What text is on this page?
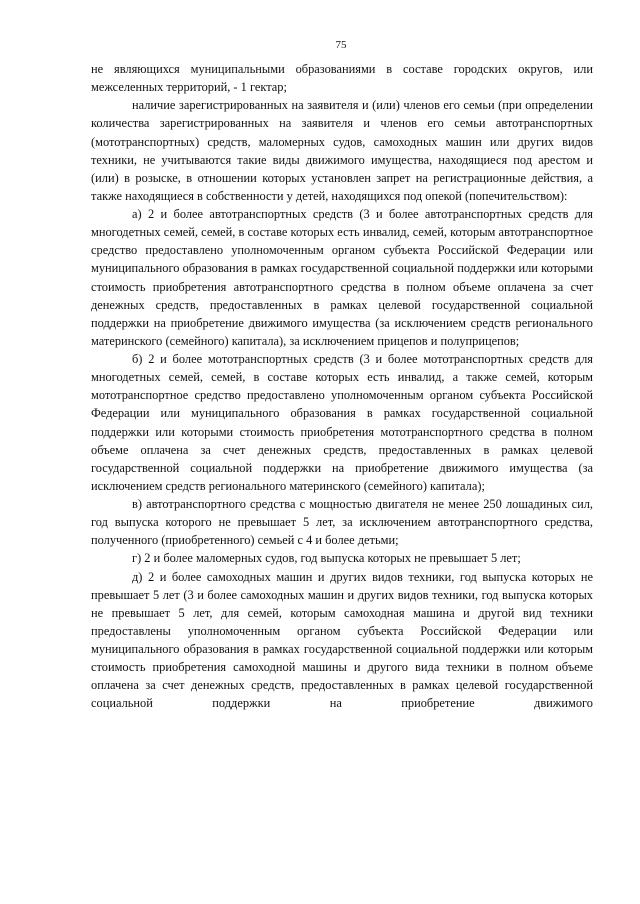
75

не являющихся муниципальными образованиями в составе городских округов, или межселенных территорий, - 1 гектар;

наличие зарегистрированных на заявителя и (или) членов его семьи (при определении количества зарегистрированных на заявителя и членов его семьи автотранспортных (мототранспортных) средств, маломерных судов, самоходных машин или других видов техники, не учитываются такие виды движимого имущества, находящиеся под арестом и (или) в розыске, в отношении которых установлен запрет на регистрационные действия, а также находящиеся в собственности у детей, находящихся под опекой (попечительством):

а) 2 и более автотранспортных средств (3 и более автотранспортных средств для многодетных семей, семей, в составе которых есть инвалид, семей, которым автотранспортное средство предоставлено уполномоченным органом субъекта Российской Федерации или муниципального образования в рамках государственной социальной поддержки или которыми стоимость приобретения автотранспортного средства в полном объеме оплачена за счет денежных средств, предоставленных в рамках целевой государственной социальной поддержки на приобретение движимого имущества (за исключением средств регионального материнского (семейного) капитала), за исключением прицепов и полуприцепов;

б) 2 и более мототранспортных средств (3 и более мототранспортных средств для многодетных семей, семей, в составе которых есть инвалид, а также семей, которым мототранспортное средство предоставлено уполномоченным органом субъекта Российской Федерации или муниципального образования в рамках государственной социальной поддержки или которыми стоимость приобретения мототранспортного средства в полном объеме оплачена за счет денежных средств, предоставленных в рамках целевой государственной социальной поддержки на приобретение движимого имущества (за исключением средств регионального материнского (семейного) капитала);

в) автотранспортного средства с мощностью двигателя не менее 250 лошадиных сил, год выпуска которого не превышает 5 лет, за исключением автотранспортного средства, полученного (приобретенного) семьей с 4 и более детьми;

г) 2 и более маломерных судов, год выпуска которых не превышает 5 лет;

д) 2 и более самоходных машин и других видов техники, год выпуска которых не превышает 5 лет (3 и более самоходных машин и других видов техники, год выпуска которых не превышает 5 лет, для семей, которым самоходная машина и другой вид техники предоставлены уполномоченным органом субъекта Российской Федерации или муниципального образования в рамках государственной социальной поддержки или которым стоимость приобретения самоходной машины и другого вида техники в полном объеме оплачена за счет денежных средств, предоставленных в рамках целевой государственной социальной поддержки на приобретение движимого
